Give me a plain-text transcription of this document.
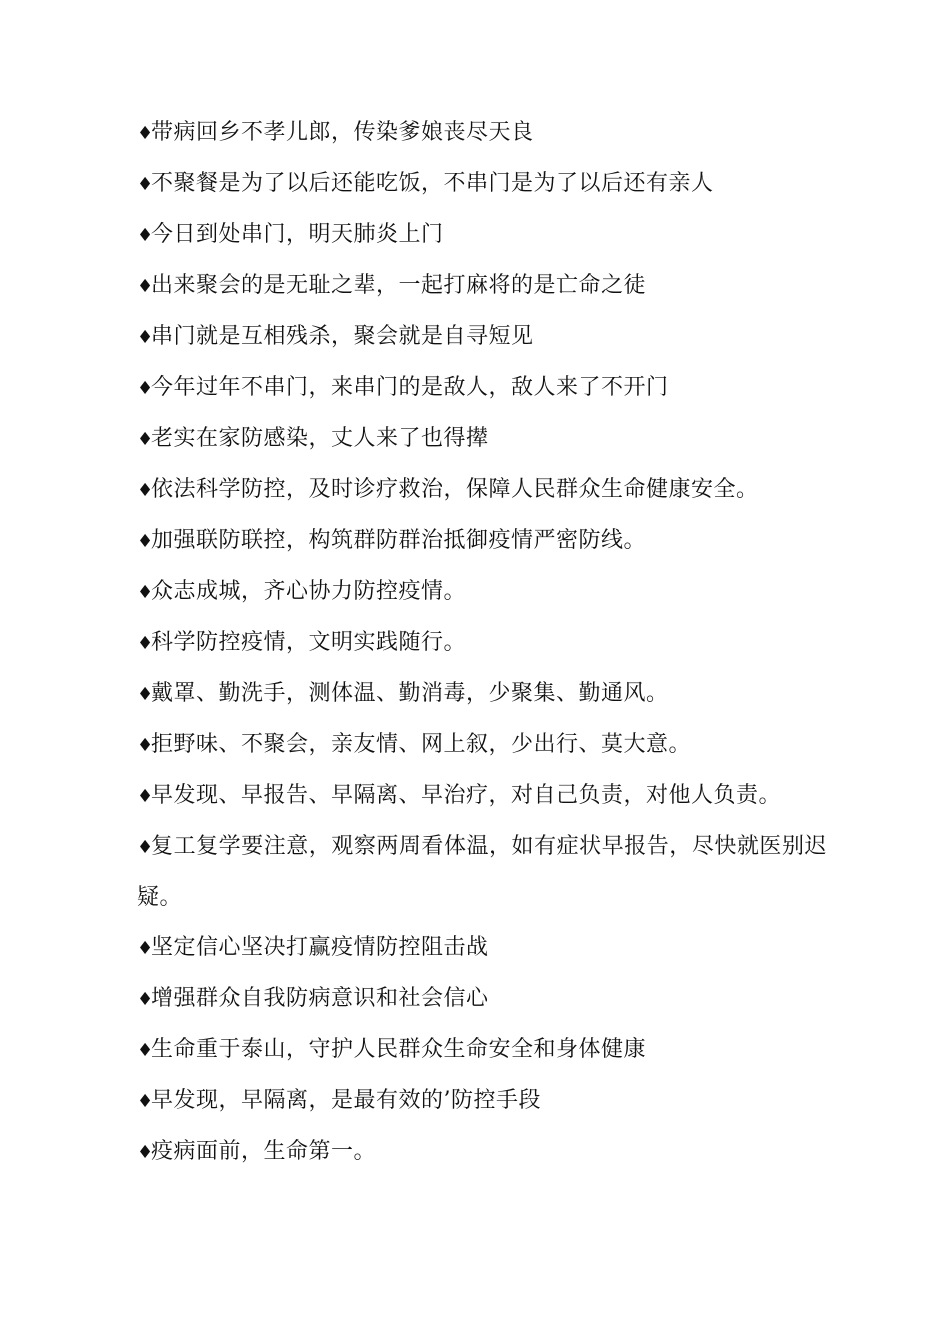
♦带病回乡不孝儿郎，传染爹娘丧尽天良

♦不聚餐是为了以后还能吃饭，不串门是为了以后还有亲人

♦今日到处串门，明天肺炎上门

♦出来聚会的是无耻之辈，一起打麻将的是亡命之徒

♦串门就是互相残杀，聚会就是自寻短见

♦今年过年不串门，来串门的是敌人，敌人来了不开门

♦老实在家防感染，丈人来了也得撵

♦依法科学防控，及时诊疗救治，保障人民群众生命健康安全。

♦加强联防联控，构筑群防群治抵御疫情严密防线。

♦众志成城，齐心协力防控疫情。

♦科学防控疫情，文明实践随行。

♦戴罩、勤洗手，测体温、勤消毒，少聚集、勤通风。

♦拒野味、不聚会，亲友情、网上叙，少出行、莫大意。

♦早发现、早报告、早隔离、早治疗，对自己负责，对他人负责。

♦复工复学要注意，观察两周看体温，如有症状早报告，尽快就医别迟疑。

♦坚定信心坚决打赢疫情防控阻击战

♦增强群众自我防病意识和社会信心

♦生命重于泰山，守护人民群众生命安全和身体健康

♦早发现，早隔离，是最有效的’防控手段

♦疫病面前，生命第一。
